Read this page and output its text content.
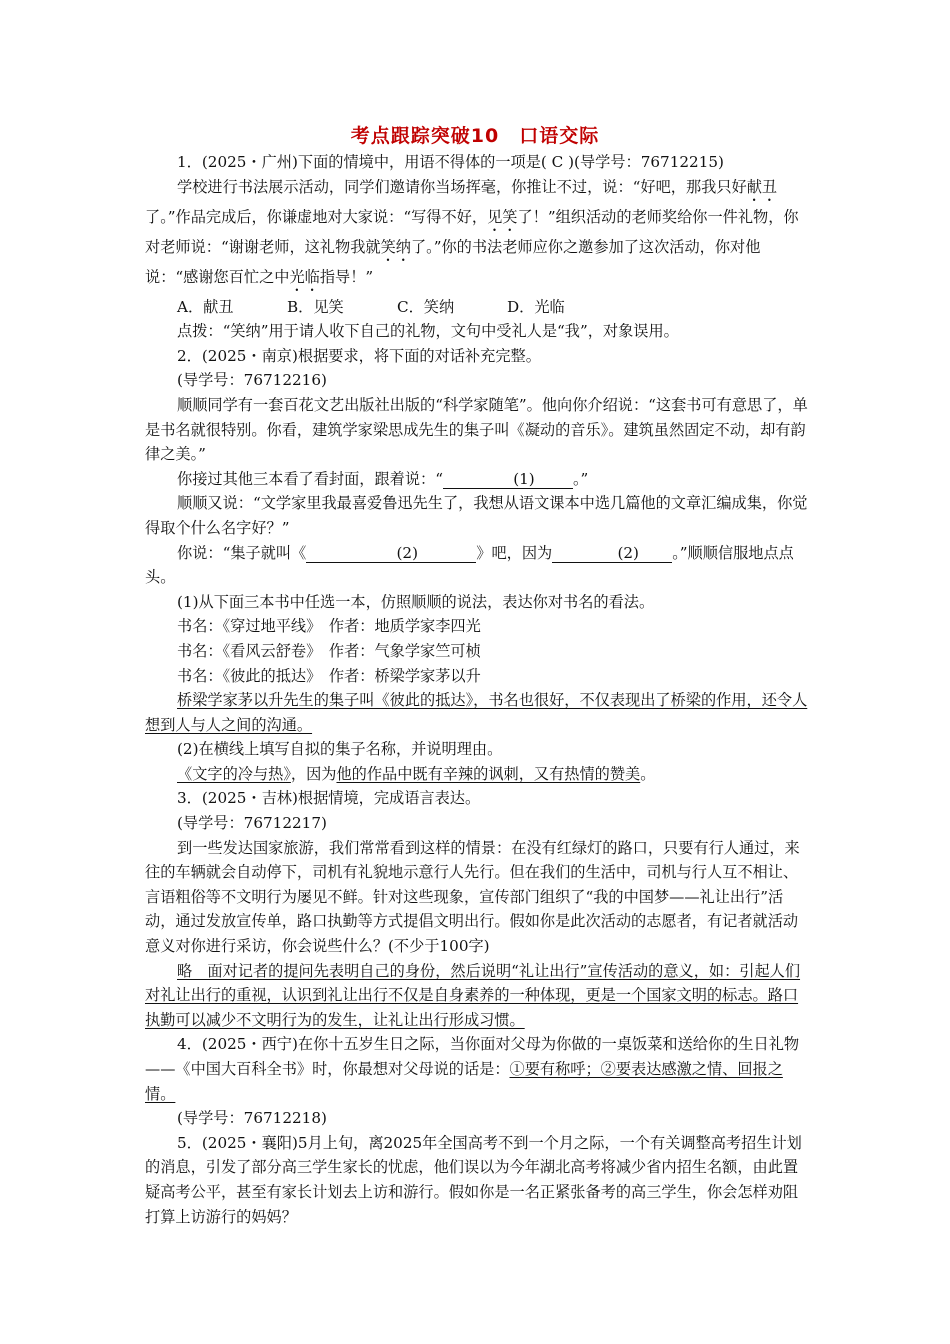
考点跟踪突破10　口语交际

1．(2025・广州)下面的情境中，用语不得体的一项是( C )(导学号：76712215)

学校进行书法展示活动，同学们邀请你当场挥毫，你推让不过，说：“好吧，那我只好献丑了。”作品完成后，你谦虚地对大家说：“写得不好，见笑了！”组织活动的老师奖给你一件礼物，你对老师说：“谢谢老师，这礼物我就笑纳了。”你的书法老师应你之邀参加了这次活动，你对他说：“感谢您百忙之中光临指导！”

A．献丑	B．见笑	C．笑纳	D．光临

点拨：“笑纳”用于请人收下自己的礼物，文句中受礼人是“我”，对象误用。

2．(2025・南京)根据要求，将下面的对话补充完整。

(导学号：76712216)

顺顺同学有一套百花文艺出版社出版的“科学家随笔”。他向你介绍说：“这套书可有意思了，单是书名就很特别。你看，建筑学家梁思成先生的集子叫《凝动的音乐》。建筑虽然固定不动，却有韵律之美。”

你接过其他三本看了看封面，跟着说：“	(1)	。”

顺顺又说：“文学家里我最喜爱鲁迅先生了，我想从语文课本中选几篇他的文章汇编成集，你觉得取个什么名字好？”

你说：“集子就叫《	(2)	》吧，因为	(2) 。”顺顺信服地点点头。

(1)从下面三本书中任选一本，仿照顺顺的说法，表达你对书名的看法。

书名：《穿过地平线》　 作者：地质学家李四光

书名：《看风云舒卷》　 作者：气象学家竺可桢

书名：《彼此的抵达》　 作者：桥梁学家茅以升

桥梁学家茅以升先生的集子叫《彼此的抵达》，书名也很好，不仅表现出了桥梁的作用，还令人想到人与人之间的沟通。

(2)在横线上填写自拟的集子名称，并说明理由。

《文字的冷与热》，因为他的作品中既有辛辣的讽刺，又有热情的赞美。

3．(2025・吉林)根据情境，完成语言表达。

(导学号：76712217)

到一些发达国家旅游，我们常常看到这样的情景：在没有红绿灯的路口，只要有行人通过，来往的车辆就会自动停下，司机有礼貌地示意行人先行。但在我们的生活中，司机与行人互不相让、言语粗俗等不文明行为屡见不鲜。针对这些现象，宣传部门组织了“我的中国梦——礼让出行”活动，通过发放宣传单，路口执勤等方式提倡文明出行。假如你是此次活动的志愿者，有记者就活动意义对你进行采访，你会说些什么？(不少于100字)

略　面对记者的提问先表明自己的身份，然后说明“礼让出行”宣传活动的意义，如：引起人们对礼让出行的重视，认识到礼让出行不仅是自身素养的一种体现，更是一个国家文明的标志。路口执勤可以减少不文明行为的发生，让礼让出行形成习惯。

4．(2025・西宁)在你十五岁生日之际，当你面对父母为你做的一桌饭菜和送给你的生日礼物——《中国大百科全书》时，你最想对父母说的话是：①要有称呼；②要表达感激之情、回报之情。

(导学号：76712218)

5．(2025・襄阳)5月上旬，离2025年全国高考不到一个月之际，一个有关调整高考招生计划的消息，引发了部分高三学生家长的忧虑，他们误以为今年湖北高考将减少省内招生名额，由此置疑高考公平，甚至有家长计划去上访和游行。假如你是一名正紧张备考的高三学生，你会怎样劝阻打算上访游行的妈妈？
